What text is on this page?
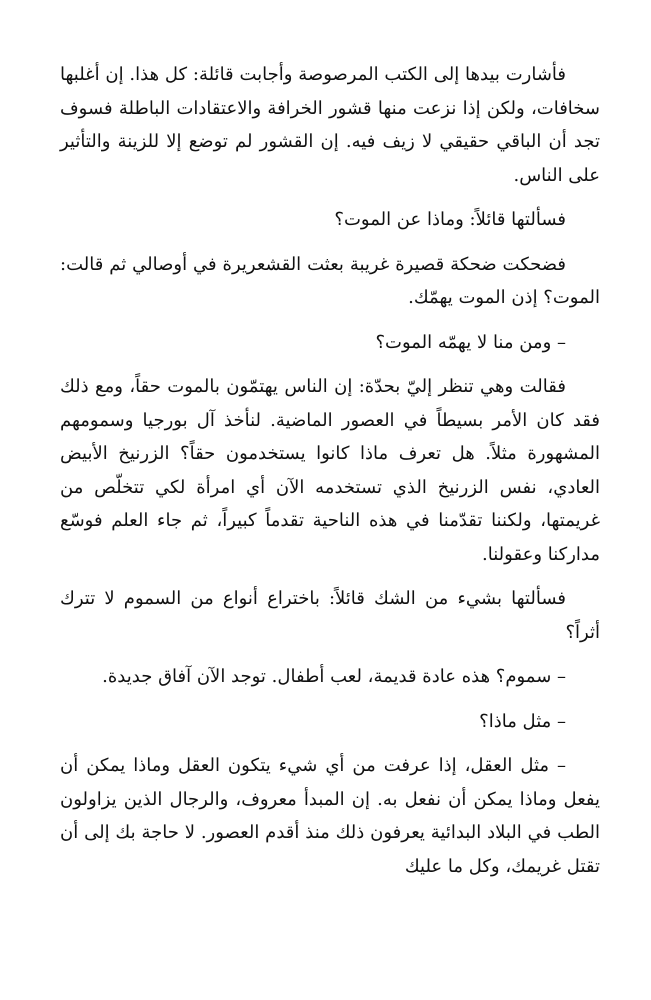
فأشارت بيدها إلى الكتب المرصوصة وأجابت قائلة: كل هذا. إن أغلبها سخافات، ولكن إذا نزعت منها قشور الخرافة والاعتقادات الباطلة فسوف تجد أن الباقي حقيقي لا زيف فيه. إن القشور لم توضع إلا للزينة والتأثير على الناس.

فسألتها قائلاً: وماذا عن الموت؟

فضحكت ضحكة قصيرة غريبة بعثت القشعريرة في أوصالي ثم قالت: الموت؟ إذن الموت يهمّك.

– ومن منا لا يهمّه الموت؟

فقالت وهي تنظر إليّ بحدّة: إن الناس يهتمّون بالموت حقاً، ومع ذلك فقد كان الأمر بسيطاً في العصور الماضية. لنأخذ آل بورجيا وسمومهم المشهورة مثلاً. هل تعرف ماذا كانوا يستخدمون حقاً؟ الزرنيخ الأبيض العادي، نفس الزرنيخ الذي تستخدمه الآن أي امرأة لكي تتخلّص من غريمتها، ولكننا تقدّمنا في هذه الناحية تقدماً كبيراً، ثم جاء العلم فوسّع مداركنا وعقولنا.

فسألتها بشيء من الشك قائلاً: باختراع أنواع من السموم لا تترك أثراً؟

– سموم؟ هذه عادة قديمة، لعب أطفال. توجد الآن آفاق جديدة.

– مثل ماذا؟

– مثل العقل، إذا عرفت من أي شيء يتكون العقل وماذا يمكن أن يفعل وماذا يمكن أن نفعل به. إن المبدأ معروف، والرجال الذين يزاولون الطب في البلاد البدائية يعرفون ذلك منذ أقدم العصور. لا حاجة بك إلى أن تقتل غريمك، وكل ما عليك
